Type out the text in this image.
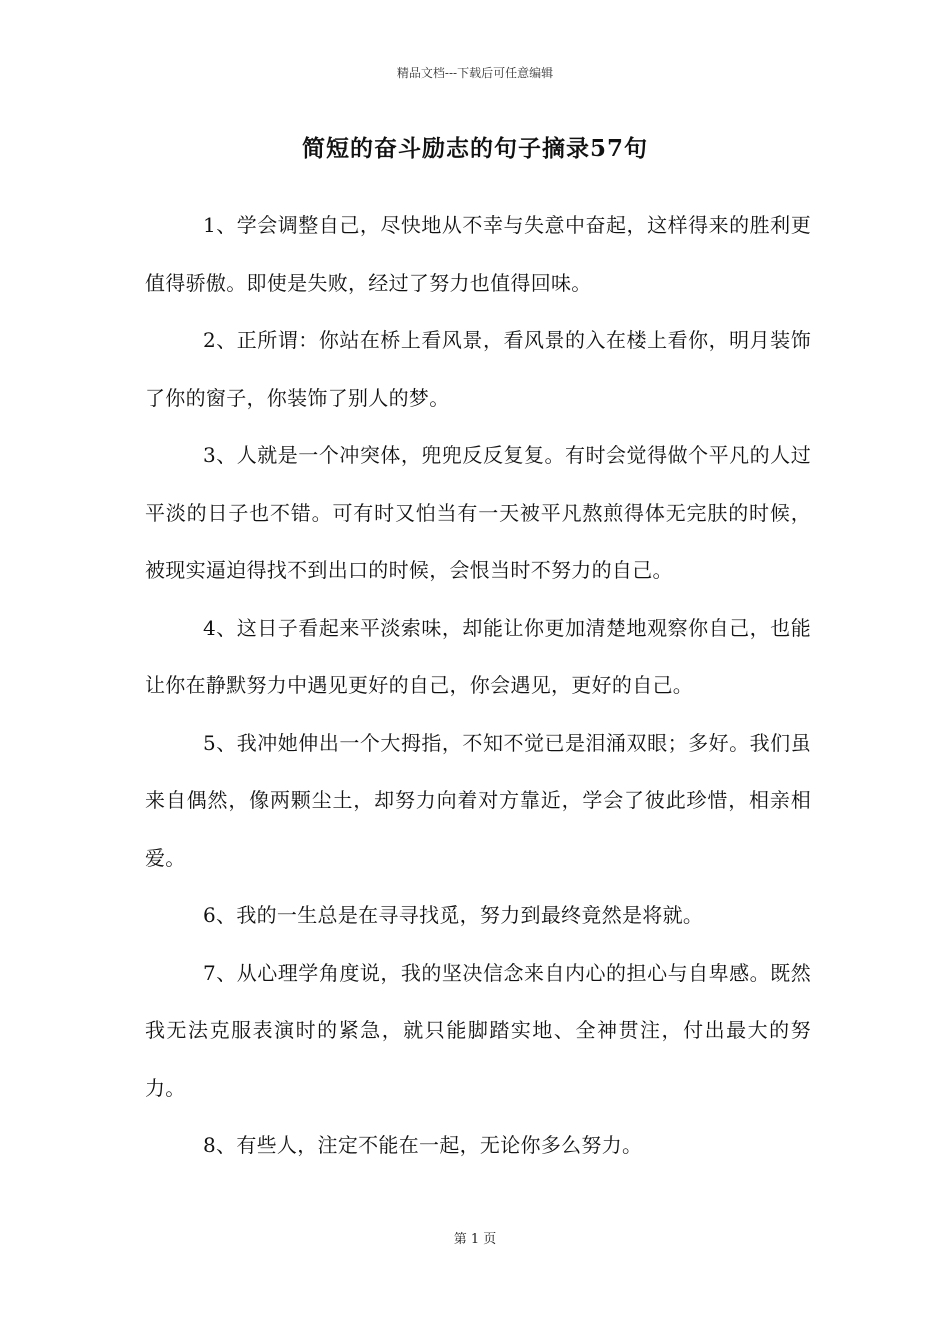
精品文档---下载后可任意编辑
简短的奋斗励志的句子摘录57句

1、学会调整自己，尽快地从不幸与失意中奋起，这样得来的胜利更值得骄傲。即使是失败，经过了努力也值得回味。

2、正所谓：你站在桥上看风景，看风景的入在楼上看你，明月装饰了你的窗子，你装饰了别人的梦。

3、人就是一个冲突体，兜兜反反复复。有时会觉得做个平凡的人过平淡的日子也不错。可有时又怕当有一天被平凡熬煎得体无完肤的时候，被现实逼迫得找不到出口的时候，会恨当时不努力的自己。

4、这日子看起来平淡索味，却能让你更加清楚地观察你自己，也能让你在静默努力中遇见更好的自己，你会遇见，更好的自己。

5、我冲她伸出一个大拇指，不知不觉已是泪涌双眼；多好。我们虽来自偶然，像两颗尘土，却努力向着对方靠近，学会了彼此珍惜，相亲相爱。

6、我的一生总是在寻寻找觅，努力到最终竟然是将就。

7、从心理学角度说，我的坚决信念来自内心的担心与自卑感。既然我无法克服表演时的紧急，就只能脚踏实地、全神贯注，付出最大的努力。

8、有些人，注定不能在一起，无论你多么努力。

第 1 页
